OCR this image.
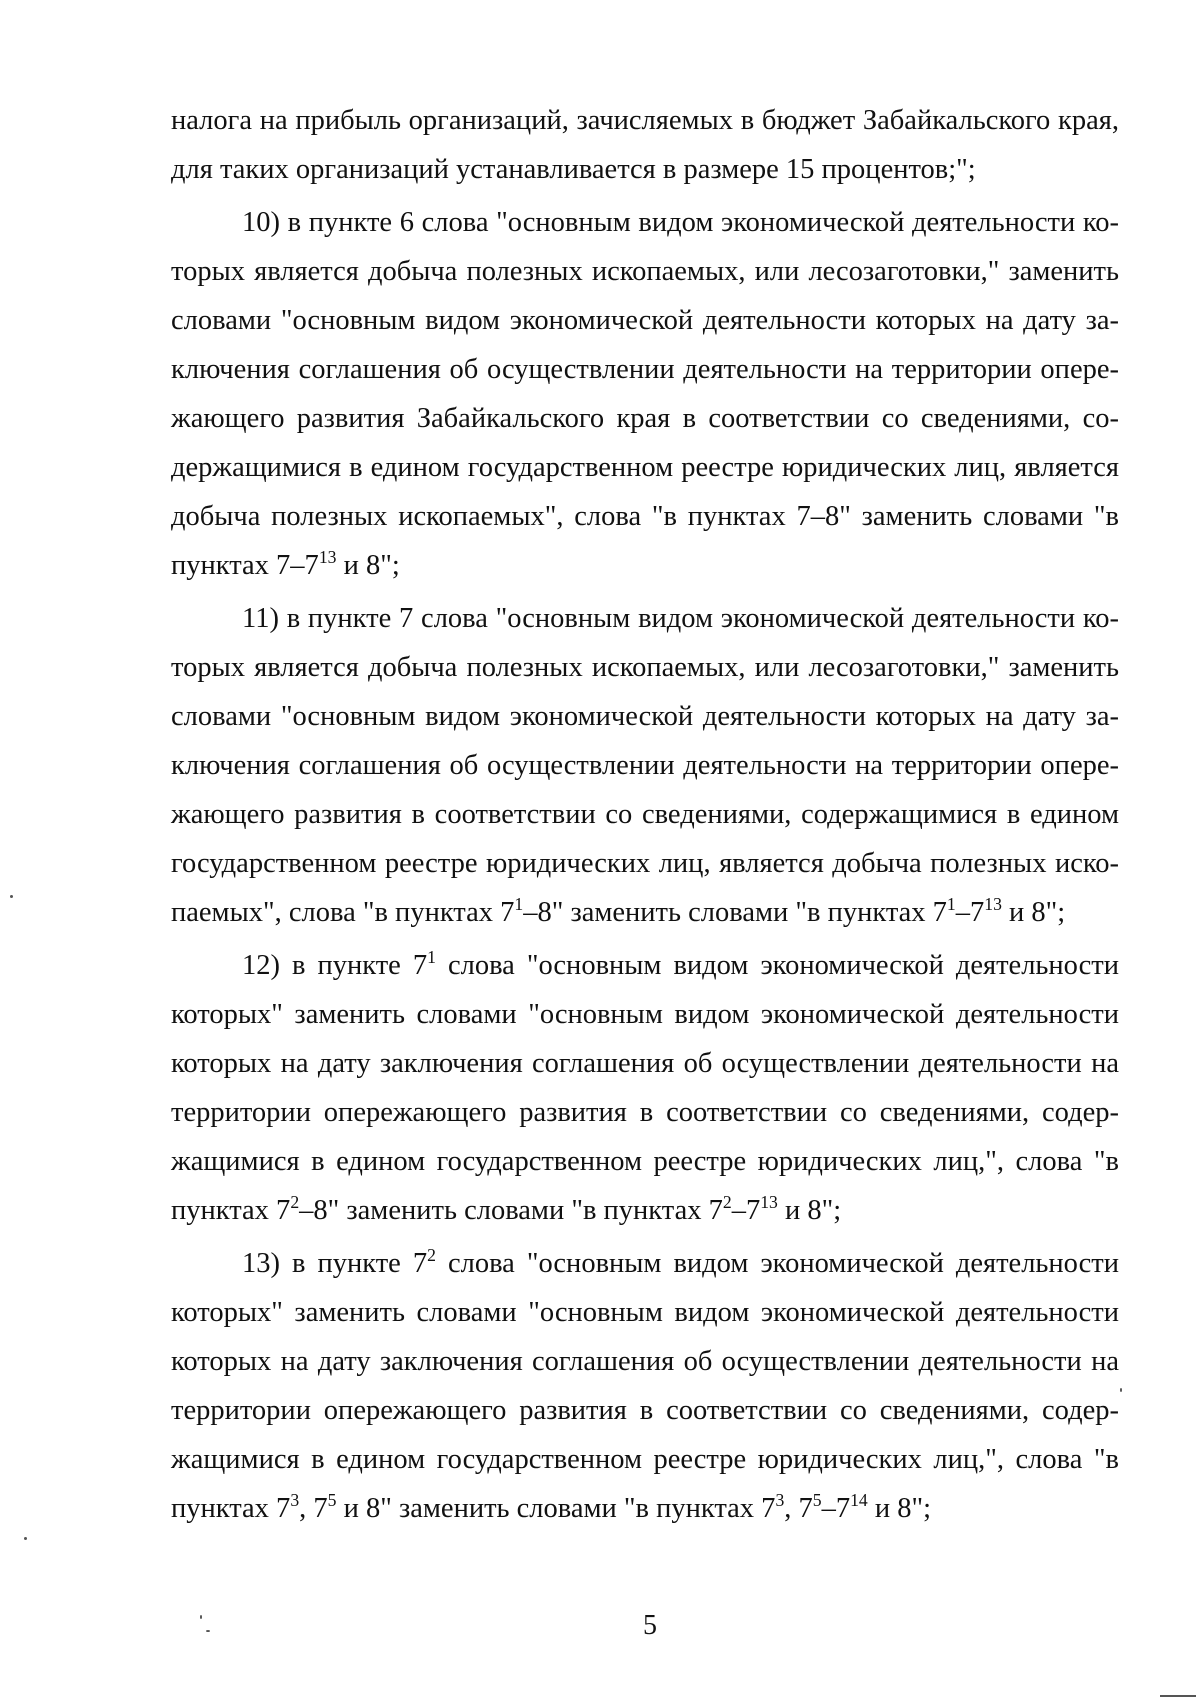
налога на прибыль организаций, зачисляемых в бюджет Забайкальского края, для таких организаций устанавливается в размере 15 процентов;";

10) в пункте 6 слова "основным видом экономической деятельности которых является добыча полезных ископаемых, или лесозаготовки," заменить словами "основным видом экономической деятельности которых на дату заключения соглашения об осуществлении деятельности на территории опережающего развития Забайкальского края в соответствии со сведениями, содержащимися в едином государственном реестре юридических лиц, является добыча полезных ископаемых", слова "в пунктах 7–8" заменить словами "в пунктах $7-7^{13}$ и 8";

11) в пункте 7 слова "основным видом экономической деятельности которых является добыча полезных ископаемых, или лесозаготовки," заменить словами "основным видом экономической деятельности которых на дату заключения соглашения об осуществлении деятельности на территории опережающего развития в соответствии со сведениями, содержащимися в едином государственном реестре юридических лиц, является добыча полезных ископаемых", слова "в пунктах $7^1-8$" заменить словами "в пунктах $7^1-7^{13}$ и 8";

12) в пункте $7^1$ слова "основным видом экономической деятельности которых" заменить словами "основным видом экономической деятельности которых на дату заключения соглашения об осуществлении деятельности на территории опережающего развития в соответствии со сведениями, содержащимися в едином государственном реестре юридических лиц,", слова "в пунктах $7^2-8$" заменить словами "в пунктах $7^2-7^{13}$ и 8";

13) в пункте $7^2$ слова "основным видом экономической деятельности которых" заменить словами "основным видом экономической деятельности которых на дату заключения соглашения об осуществлении деятельности на территории опережающего развития в соответствии со сведениями, содержащимися в едином государственном реестре юридических лиц,", слова "в пунктах $7^3$, $7^5$ и 8" заменить словами "в пунктах $7^3$, $7^5-7^{14}$ и 8";

5
